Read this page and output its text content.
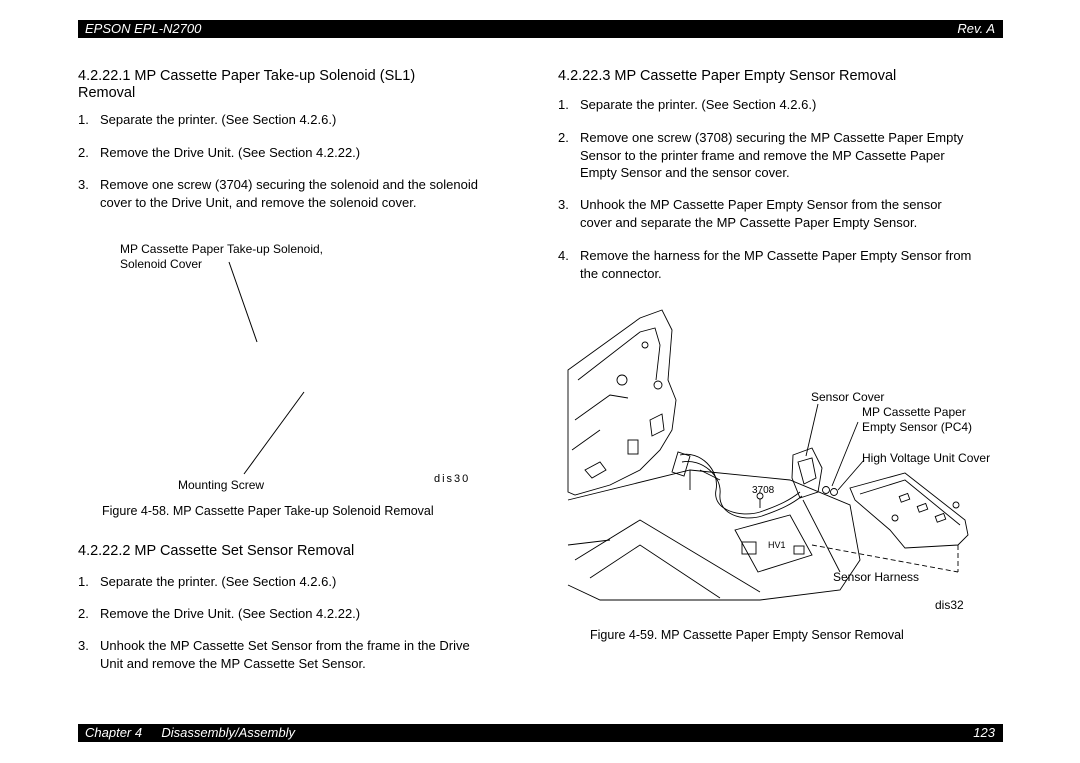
EPSON EPL-N2700	Rev. A
4.2.22.1 MP Cassette Paper Take-up Solenoid (SL1)
Removal
1. Separate the printer. (See Section 4.2.6.)
2. Remove the Drive Unit. (See Section 4.2.22.)
3. Remove one screw (3704) securing the solenoid and the solenoid
cover to the Drive Unit, and remove the solenoid cover.
MP Cassette Paper Take-up Solenoid,
Solenoid Cover
Mounting Screw	dis30
Figure 4-58. MP Cassette Paper Take-up Solenoid Removal
4.2.22.2 MP Cassette Set Sensor Removal
1. Separate the printer. (See Section 4.2.6.)
2. Remove the Drive Unit. (See Section 4.2.22.)
3. Unhook the MP Cassette Set Sensor from the frame in the Drive
Unit and remove the MP Cassette Set Sensor.
4.2.22.3 MP Cassette Paper Empty Sensor Removal
1. Separate the printer. (See Section 4.2.6.)
2. Remove one screw (3708) securing the MP Cassette Paper Empty
Sensor to the printer frame and remove the MP Cassette Paper
Empty Sensor and the sensor cover.
3. Unhook the MP Cassette Paper Empty Sensor from the sensor
cover and separate the MP Cassette Paper Empty Sensor.
4. Remove the harness for the MP Cassette Paper Empty Sensor from
the connector.
Sensor Cover
MP Cassette Paper
Empty Sensor (PC4)
High Voltage Unit Cover
3708
HV1
Sensor Harness
dis32
Figure 4-59. MP Cassette Paper Empty Sensor Removal
Chapter 4 Disassembly/Assembly	123
